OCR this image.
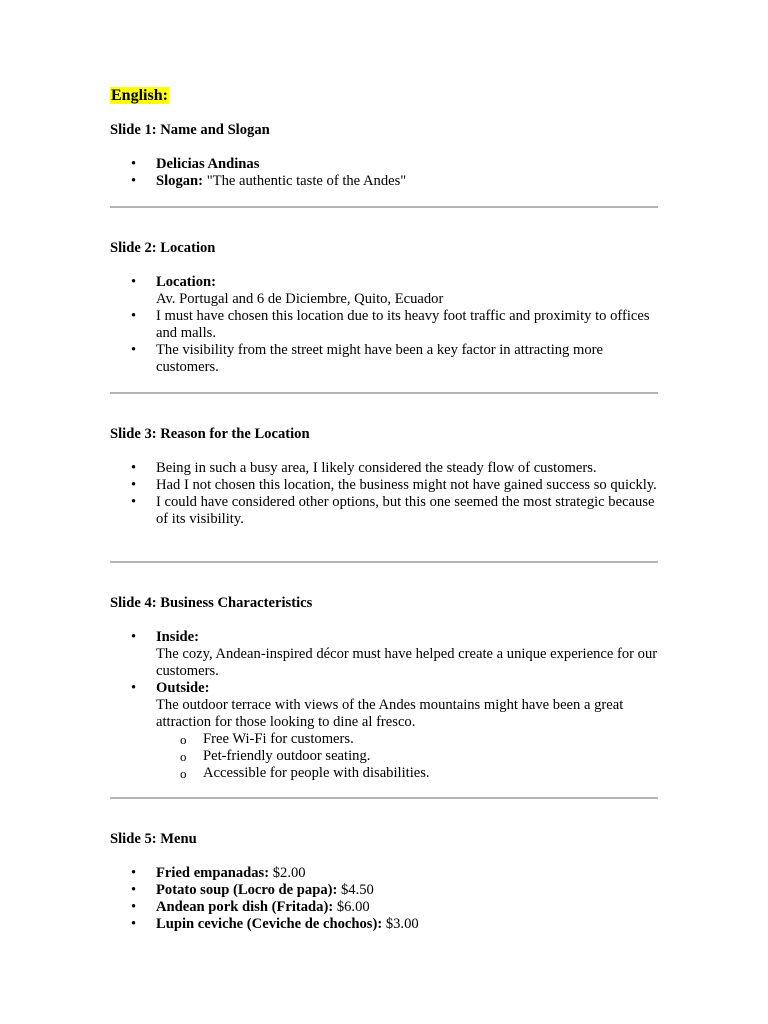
English:
Slide 1: Name and Slogan
• Delicias Andinas
• Slogan: "The authentic taste of the Andes"
Slide 2: Location
• Location:
Av. Portugal and 6 de Diciembre, Quito, Ecuador
• I must have chosen this location due to its heavy foot traffic and proximity to offices and malls.
• The visibility from the street might have been a key factor in attracting more customers.
Slide 3: Reason for the Location
• Being in such a busy area, I likely considered the steady flow of customers.
• Had I not chosen this location, the business might not have gained success so quickly.
• I could have considered other options, but this one seemed the most strategic because of its visibility.
Slide 4: Business Characteristics
• Inside:
The cozy, Andean-inspired décor must have helped create a unique experience for our customers.
• Outside:
The outdoor terrace with views of the Andes mountains might have been a great attraction for those looking to dine al fresco.
o Free Wi-Fi for customers.
o Pet-friendly outdoor seating.
o Accessible for people with disabilities.
Slide 5: Menu
• Fried empanadas: $2.00
• Potato soup (Locro de papa): $4.50
• Andean pork dish (Fritada): $6.00
• Lupin ceviche (Ceviche de chochos): $3.00
